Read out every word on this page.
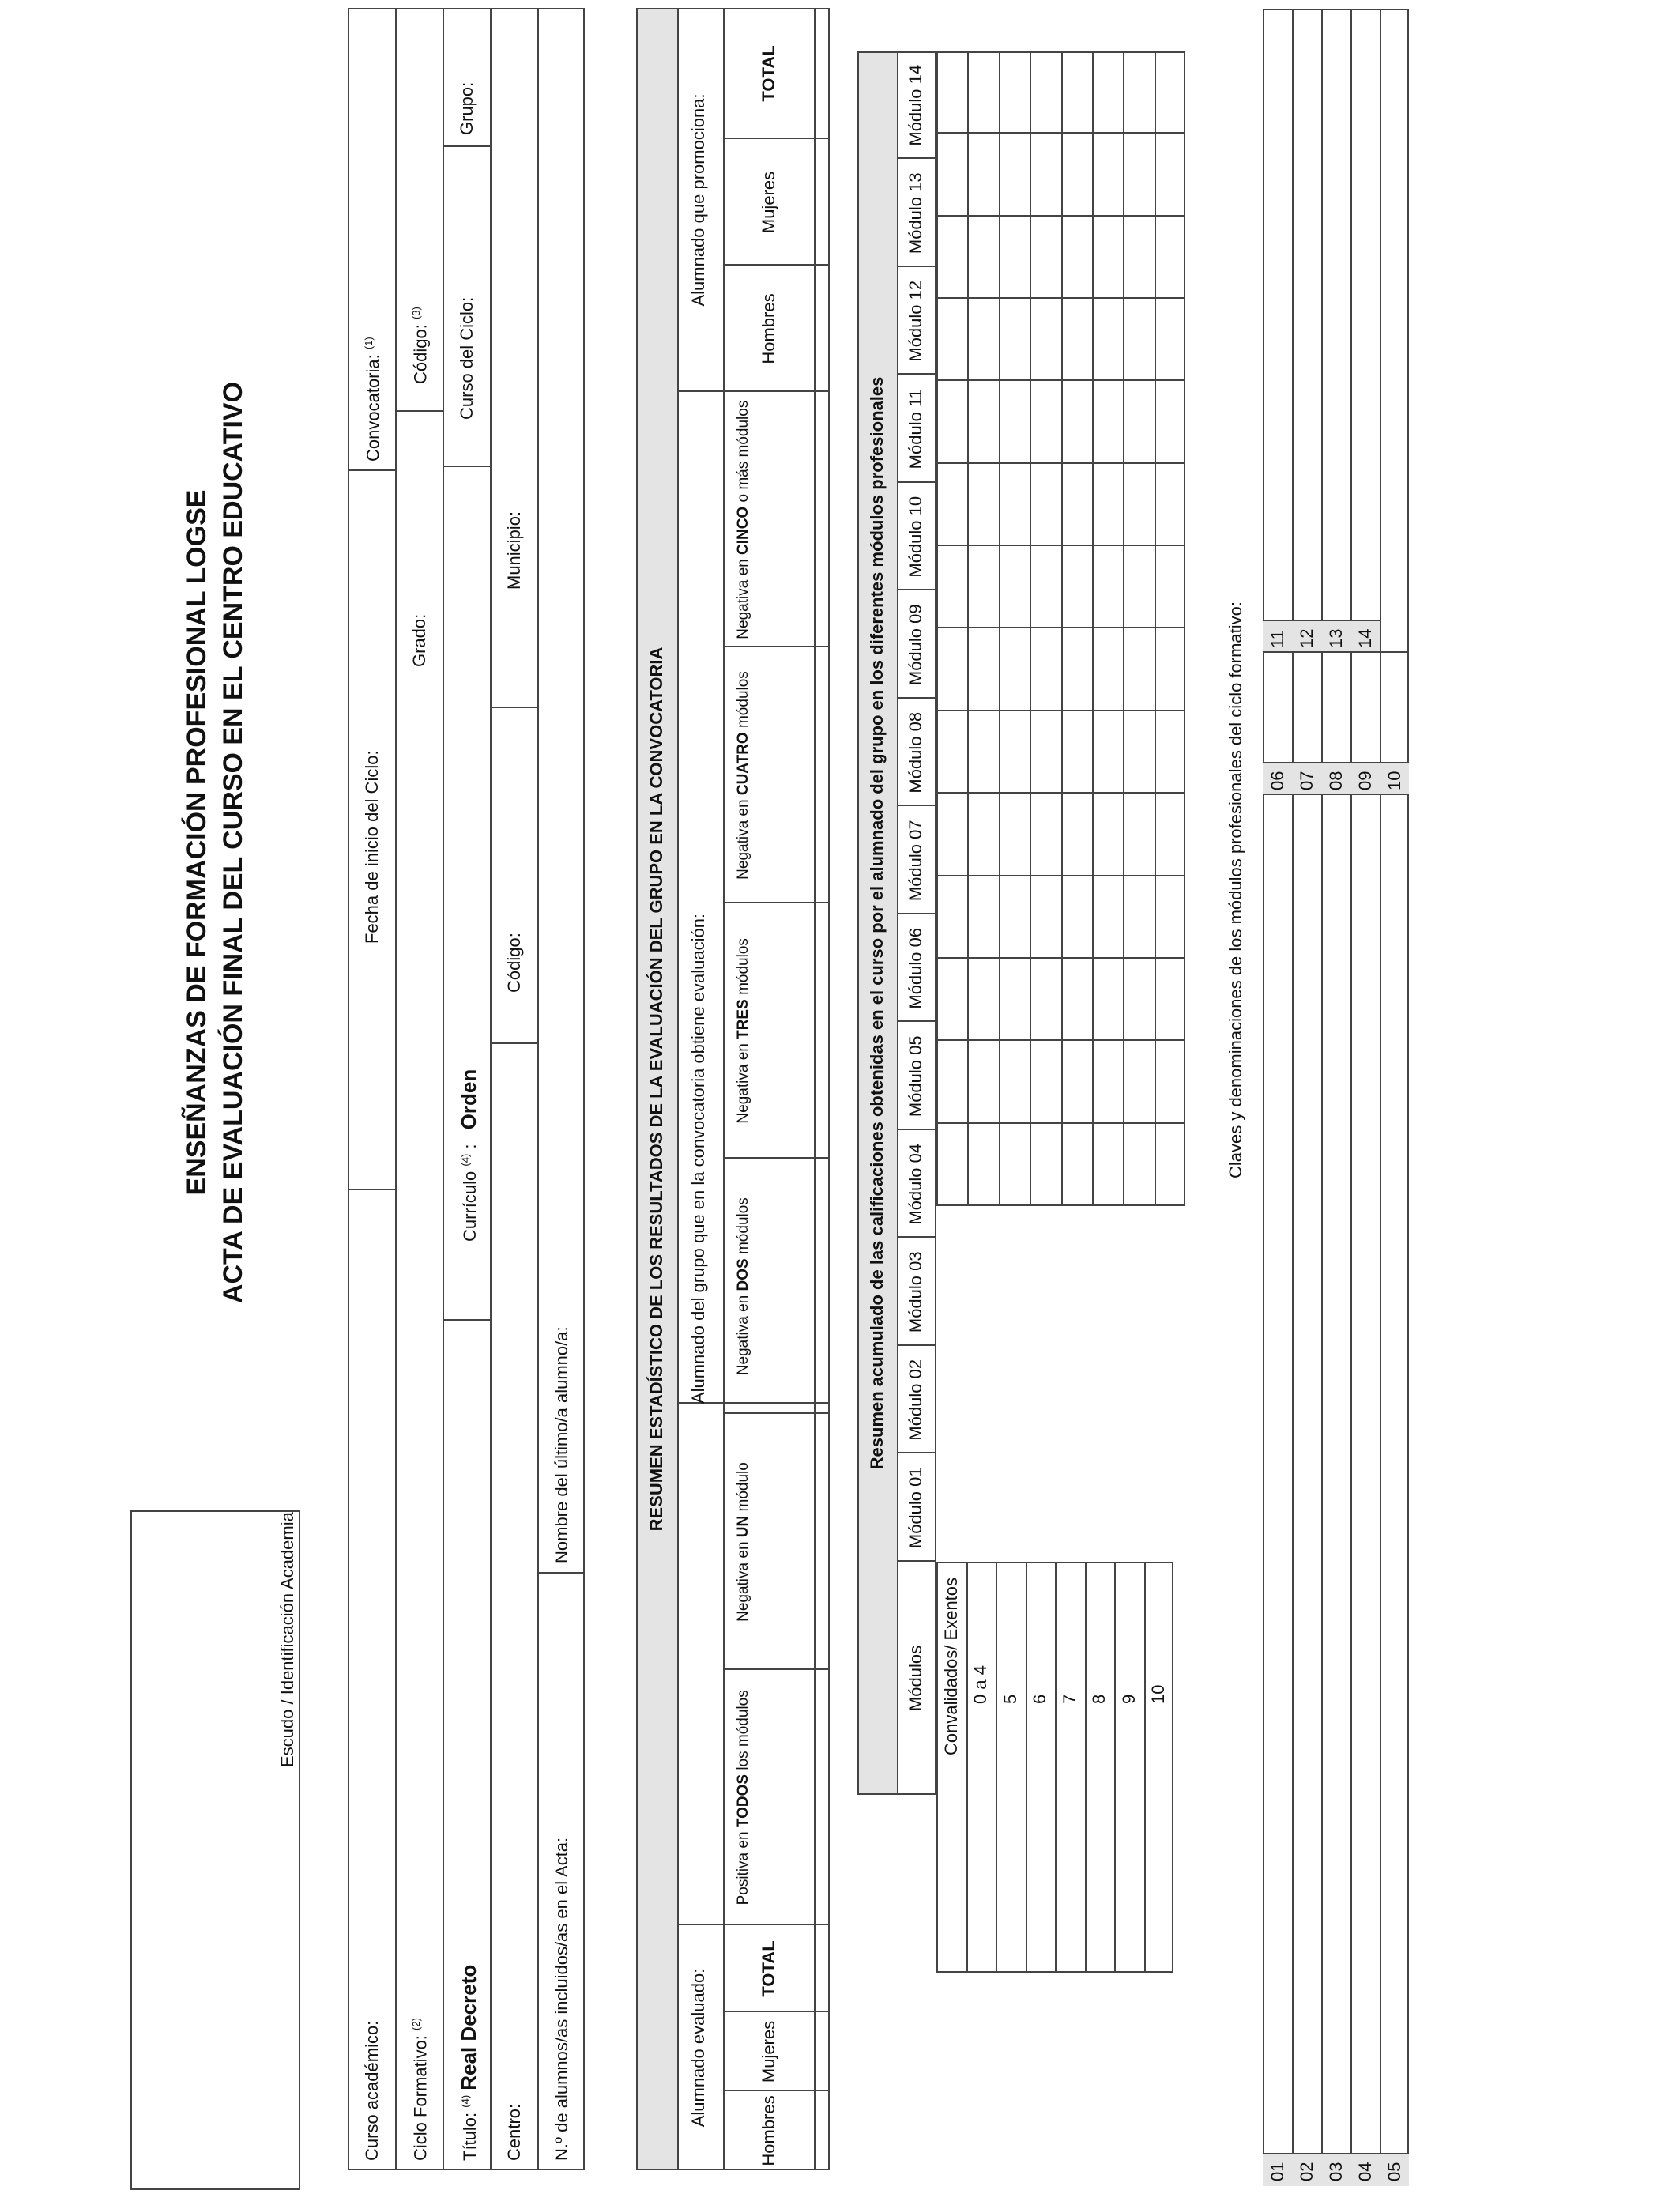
Escudo / Identificación Academia
ENSEÑANZAS DE FORMACIÓN PROFESIONAL LOGSE ACTA DE EVALUACIÓN FINAL DEL CURSO EN EL CENTRO EDUCATIVO
Curso académico:
Fecha de inicio del Ciclo:
Convocatoria: $^{(1)}$
Ciclo Formativo: $^{(2)}$
Grado:
Código: $^{(3)}$
Título: $^{(4)}$ Real Decreto
Currículo $^{(4)}$ : Orden
Curso del Ciclo:
Grupo:
Centro:
Código:
Municipio:
N.º de alumnos/as incluidos/as en el Acta:
Nombre del último/a alumno/a:	RESUMEN ESTADÍSTICO DE LOS RESULTADOS DE LA EVALUACIÓN DEL GRUPO EN LA CONVOCATORIA
Alumnado evaluado:
Alumnado del grupo que en la convocatoria obtiene evaluación:
Alumnado que promociona:
Hombres
Mujeres
TOTAL
Positiva en TODOS los módulos
Negativa en UN módulo
Negativa en DOS módulos
Negativa en TRES módulos
Negativa en CUATRO módulos
Negativa en CINCO o más módulos
Hombres
Mujeres
TOTAL
Resumen acumulado de las calificaciones obtenidas en el curso por el alumnado del grupo en los diferentes módulos profesionales
Módulos
Módulo 01
Módulo 02
Módulo 03
Módulo 04
Módulo 05
Módulo 06
Módulo 07
Módulo 08
Módulo 09
Módulo 10
Módulo 11
Módulo 12
Módulo 13
Módulo 14
Convalidados/ Exentos 0 a 4 5 6 7 8 9 10
Claves y denominaciones de los módulos profesionales del ciclo formativo:
01 02 03 04 05
06 07 08 09 10
11 12 13 14
